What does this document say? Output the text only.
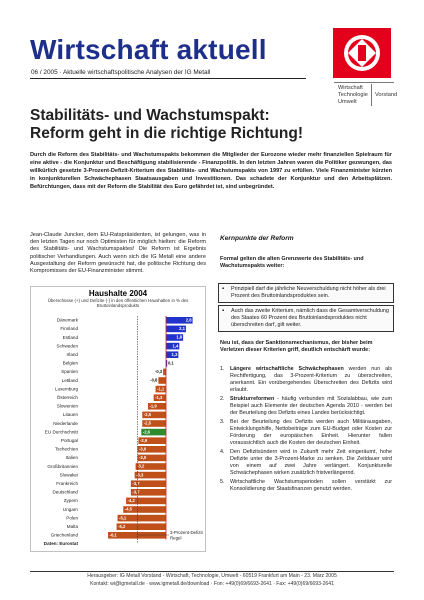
Wirtschaft aktuell
06 / 2005 · Aktuelle wirtschaftspolitische Analysen der IG Metall
Wirtschaft
Technologie
Umwelt
Vorstand
Stabilitäts- und Wachstumspakt:
Reform geht in die richtige Richtung!
Durch die Reform des Stabilitäts- und Wachstumspakts bekommen die Mitglieder der Eurozone wieder mehr finanziellen Spielraum für eine aktive - die Konjunktur und Beschäftigung stabilisierende - Finanzpolitik. In den letzten Jahren waren die Politiker gezwungen, das willkürlich gesetzte 3-Prozent-Defizit-Kriterium des Stabilitäts- und Wachstumspakts von 1997 zu erfüllen. Viele Finanzminister kürzten in konjunkturellen Schwächephasen Staatsausgaben und Investitionen. Das schadete der Konjunktur und den Arbeitsplätzen. Befürchtungen, dass mit der Reform die Stabilität des Euro gefährdet ist, sind unbegründet.
Jean-Claude Juncker, dem EU-Ratspräsidenten, ist gelungen, was in den letzten Tagen nur noch Optimisten für möglich hielten: die Reform des Stabilitäts- und Wachstumspaktes! Die Reform ist Ergebnis politischer Verhandlungen. Auch wenn sich die IG Metall eine andere Ausgestaltung der Reform gewünscht hat, die politische Richtung des Kompromisses der EU-Finanzminister stimmt.
Haushalte 2004
Überschüsse (+) und Defizite (-) in den öffentlichen Haushalten in % des Bruttoinlandsprodukts
Dänemark	2,8
Finnland	2,1
Estland	1,8
Schweden	1,4
Irland	1,3
Belgien	0,1
Spanien	-0,3
Lettland	-0,8
Luxemburg	-1,1
Österreich	-1,3
Slowenien	-1,9
Litauen	-2,5
Niederlande	-2,5
EU Durchschnitt	-2,6
Portugal	-2,9
Tschechien	-3,0
Italien	-3,0
Großbritannien	-3,2
Slowakei	-3,3
Frankreich	-3,7
Deutschland	-3,7
Zypern	-4,2
Ungarn	-4,5
Polen	-5,1
Malta	-5,2
Griechenland	-6,1
Daten: Eurostat
3-Prozent-Defizit
Regel
Kernpunkte der Reform
Formal gelten die alten Grenzwerte des Stabilitäts- und Wachstumspakts weiter:
▪ Prinzipiell darf die jährliche Neuverschuldung nicht höher als drei Prozent des Bruttoinlandsproduktes sein.
▪ Auch das zweite Kriterium, nämlich dass die Gesamtverschuldung des Staates 60 Prozent des Bruttoinlandsproduktes nicht überschreiten darf, gilt weiter.
Neu ist, dass der Sanktionsmechanismus, der bisher beim Verletzen dieser Kriterien griff, deutlich entschärft wurde:
1. Längere wirtschaftliche Schwächephasen werden nun als Rechtfertigung, das 3-Prozent-Kriterium zu überschreiten, anerkannt. Ein vorübergehendes Überschreiten des Defizits wird erlaubt.
2. Strukturreformen - häufig verbunden mit Sozialabbau, wie zum Beispiel auch Elemente der deutschen Agenda 2010 - werden bei der Beurteilung des Defizits eines Landes berücksichtigt.
3. Bei der Beurteilung des Defizits werden auch Militärausgaben, Entwicklungshilfe, Nettobeiträge zum EU-Budget oder Kosten zur Förderung der europäischen Einheit. Hierunter fallen voraussichtlich auch die Kosten der deutschen Einheit.
4. Den Defizitsündern wird in Zukunft mehr Zeit eingeräumt, hohe Defizite unter die 3-Prozent-Marke zu senken. Die Zeitdauer wird von einem auf zwei Jahre verlängert. Konjunkturelle Schwächephasen wirken zusätzlich fristverlängernd.
5. Wirtschaftliche Wachstumsperioden sollen verstärkt zur Konsolidierung der Staatsfinanzen genutzt werden.
Herausgeber: IG Metall Vorstand - Wirtschaft, Technologie, Umwelt - 60519 Frankfurt am Main - 23. März 2005
Kontakt: wi@igmetall.de · www.igmetall.de/download · Fon: +49(0)69/6693-2641 · Fax: +49(0)69/6693-2641
